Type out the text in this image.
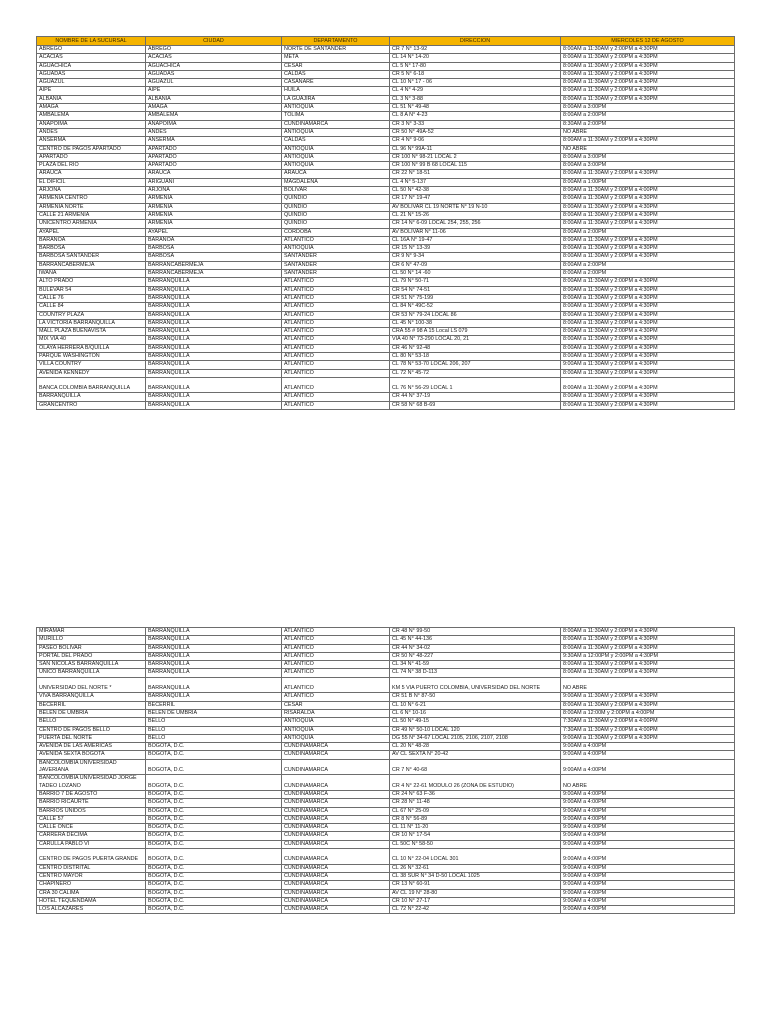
NOMBRE DE LA SUCURSAL	CIUDAD	DEPARTAMENTO	DIRECCION	MIERCOLES 12 DE AGOSTO
ABREGO	ABREGO	NORTE DE SANTANDER	CR 7 N° 13-92	8:00AM a 11:30AM y 2:00PM a 4:30PM
ACACIAS	ACACIAS	META	CL 14 N° 14-20	8:00AM a 11:30AM y 2:00PM a 4:30PM
AGUACHICA	AGUACHICA	CESAR	CL 5 N° 17-80	8:00AM a 11:30AM y 2:00PM a 4:30PM
AGUADAS	AGUADAS	CALDAS	CR 5 N° 6-18	8:00AM a 11:30AM y 2:00PM a 4:30PM
AGUAZUL	AGUAZUL	CASANARE	CL 10 N° 17 - 06	8:00AM a 11:30AM y 2:00PM a 4:30PM
AIPE	AIPE	HUILA	CL 4 N° 4-29	8:00AM a 11:30AM y 2:00PM a 4:30PM
ALBANIA	ALBANIA	LA GUAJIRA	CL 3 N° 3-88	8:00AM a 11:30AM y 2:00PM a 4:30PM
AMAGA	AMAGÁ	ANTIOQUIA	CL 51 N° 49-48	8:00AM a 3:00PM
AMBALEMA	AMBALEMA	TOLIMA	CL 8 A N° 4-23	8:00AM a 2:00PM
ANAPOIMA	ANAPOIMA	CUNDINAMARCA	CR 3 N° 3-33	8:30AM a 2:00PM
ANDES	ANDES	ANTIOQUIA	CR 50 N° 49A-52	NO ABRE
ANSERMA	ANSERMA	CALDAS	CR 4 N° 9-06	8:00AM a 11:30AM y 2:00PM a 4:30PM
CENTRO DE PAGOS APARTADO	APARTADO	ANTIOQUIA	CL 96 N° 99A-11	NO ABRE
APARTADO	APARTADO	ANTIOQUIA	CR 100 N° 98-21 LOCAL 2	8:00AM a 3:00PM
PLAZA DEL RIO	APARTADO	ANTIOQUIA	CR 100 N° 99 B 68 LOCAL 115	8:00AM a 3:00PM
ARAUCA	ARAUCA	ARAUCA	CR 22 N° 18-51	8:00AM a 11:30AM y 2:00PM a 4:30PM
EL DIFICIL	ARIGUANI	MAGDALENA	CL 4 N° 5-137	8:00AM a 1:00PM
ARJONA	ARJONA	BOLIVAR	CL 50 N° 42-38	8:00AM a 11:30AM y 2:00PM a 4:00PM
ARMENIA CENTRO	ARMENIA	QUINDIO	CR 17 N° 19-47	8:00AM a 11:30AM y 2:00PM a 4:30PM
ARMENIA NORTE	ARMENIA	QUINDIO	AV BOLIVAR CL 19 NORTE N° 19 N-10	8:00AM a 11:30AM y 2:00PM a 4:30PM
CALLE 21 ARMENIA	ARMENIA	QUINDIO	CL 21 N° 15-26	8:00AM a 11:30AM y 2:00PM a 4:30PM
UNICENTRO ARMENIA	ARMENIA	QUINDIO	CR 14 N° 6-09 LOCAL 254, 255, 256	8:00AM a 11:30AM y 2:00PM a 4:30PM
AYAPEL	AYAPEL	CORDOBA	AV BOLIVAR N° 11-06	8:00AM a 2:00PM
BARANOA	BARANOA	ATLANTICO	CL 16A N° 19-47	8:00AM a 11:30AM y 2:00PM a 4:30PM
BARBOSA	BARBOSA	ANTIOQUIA	CR 15 N° 13-39	8:00AM a 11:30AM y 2:00PM a 4:30PM
BARBOSA SANTANDER	BARBOSA	SANTANDER	CR 9 N° 9-34	8:00AM a 11:30AM y 2:00PM a 4:30PM
BARRANCABERMEJA	BARRANCABERMEJA	SANTANDER	CR 6 N° 47-09	8:00AM a 2:00PM
IWANÁ	BARRANCABERMEJA	SANTANDER	CL 50 N° 14 -60	8:00AM a 2:00PM
ALTO PRADO	BARRANQUILLA	ATLANTICO	CL 79 N° 50-71	8:00AM a 11:30AM y 2:00PM a 4:30PM
BULEVAR 54	BARRANQUILLA	ATLANTICO	CR 54 N° 74-51	8:00AM a 11:30AM y 2:00PM a 4:30PM
CALLE 76	BARRANQUILLA	ATLANTICO	CR 51 N° 75-199	8:00AM a 11:30AM y 2:00PM a 4:30PM
CALLE 84	BARRANQUILLA	ATLANTICO	CL 84 N° 49C-52	8:00AM a 11:30AM y 2:00PM a 4:30PM
COUNTRY PLAZA	BARRANQUILLA	ATLANTICO	CR 53 N° 79-24 LOCAL 86	8:00AM a 11:30AM y 2:00PM a 4:30PM
LA VICTORIA BARRANQUILLA	BARRANQUILLA	ATLANTICO	CL 45 N° 100-38	8:00AM a 11:30AM y 2:00PM a 4:30PM
MALL PLAZA BUENAVISTA	BARRANQUILLA	ATLANTICO	CRA 55 # 98 A 15 Local LS 079	8:00AM a 11:30AM y 2:00PM a 4:30PM
MIX VIA 40	BARRANQUILLA	ATLANTICO	VIA 40 N° 73-290 LOCAL 20, 21	8:00AM a 11:30AM y 2:00PM a 4:30PM
OLAYA HERRERA B/QUILLA	BARRANQUILLA	ATLANTICO	CR 46 N° 92-48	8:00AM a 11:30AM y 2:00PM a 4:30PM
PARQUE WASHINGTON	BARRANQUILLA	ATLANTICO	CL 80 N° 53-18	8:00AM a 11:30AM y 2:00PM a 4:30PM
VILLA COUNTRY	BARRANQUILLA	ATLANTICO	CL 78 N° 53-70 LOCAL 206, 207	9:00AM a 11:30AM y 2:00PM a 4:30PM
AVENIDA KENNEDY	BARRANQUILLA	ATLANTICO	CL 72 N° 45-72	8:00AM a 11:30AM y 2:00PM a 4:30PM
BANCA COLOMBIA BARRANQUILLA	BARRANQUILLA	ATLANTICO	CL 76 N° 56-29 LOCAL 1	8:00AM a 11:30AM y 2:00PM a 4:30PM
BARRANQUILLA	BARRANQUILLA	ATLANTICO	CR 44 N° 37-19	8:00AM a 11:30AM y 2:00PM a 4:30PM
GRANCENTRO	BARRANQUILLA	ATLANTICO	CR 58 N° 68 B-69	8:00AM a 11:30AM y 2:00PM a 4:30PM
MIRAMAR	BARRANQUILLA	ATLANTICO	CR 48 N° 99-50	8:00AM a 11:30AM y 2:00PM a 4:30PM
MURILLO	BARRANQUILLA	ATLANTICO	CL 45 N° 44-136	8:00AM a 11:30AM y 2:00PM a 4:30PM
PASEO BOLIVAR	BARRANQUILLA	ATLANTICO	CR 44 N° 34-02	8:00AM a 11:30AM y 2:00PM a 4:30PM
PORTAL DEL PRADO	BARRANQUILLA	ATLANTICO	CR 50 N° 48-227	9:30AM a 12:00PM y 2:00PM a 4:30PM
SAN NICOLAS BARRANQUILLA	BARRANQUILLA	ATLANTICO	CL 34 N° 41-59	8:00AM a 11:30AM y 2:00PM a 4:30PM
UNICO BARRANQUILLA	BARRANQUILLA	ATLANTICO	CL 74 N° 38 D-113	8:00AM a 11:30AM y 2:00PM a 4:30PM
UNIVERSIDAD DEL NORTE *	BARRANQUILLA	ATLANTICO	KM 5 VIA PUERTO COLOMBIA, UNIVERSIDAD DEL NORTE	NO ABRE
VIVA BARRANQUILLA	BARRANQUILLA	ATLANTICO	CR 51 B N° 87-50	9:00AM a 11:30AM y 2:00PM a 4:30PM
BECERRIL	BECERRIL	CESAR	CL 10 N° 6-21	8:00AM a 11:30AM y 2:00PM a 4:30PM
BELEN DE UMBRIA	BELEN DE UMBRIA	RISARALDA	CL 6 N° 10-16	8:00AM a 12:00M y 2:00PM a 4:00PM
BELLO	BELLO	ANTIOQUIA	CL 50 N° 49-15	7:30AM a 11:30AM y 2:00PM a 4:00PM
CENTRO DE PAGOS BELLO	BELLO	ANTIOQUIA	CR 49 N° 50-10 LOCAL 120	7:30AM a 11:30AM y 2:00PM a 4:00PM
PUERTA DEL NORTE	BELLO	ANTIOQUIA	DG 55 N° 34-67 LOCAL 2105, 2106, 2107, 2108	9:00AM a 11:30AM y 2:00PM a 4:30PM
AVENIDA DE LAS AMERICAS	BOGOTA, D.C.	CUNDINAMARCA	CL 20 N° 48-28	9:00AM a 4:00PM
AVENIDA SEXTA BOGOTA	BOGOTA, D.C.	CUNDINAMARCA	AV CL SEXTA N° 20-42	9:00AM a 4:00PM
BANCOLOMBIA UNIVERSIDAD JAVERIANA	BOGOTA, D.C.	CUNDINAMARCA	CR 7 N° 40-68	9:00AM a 4:00PM
BANCOLOMBIA UNIVERSIDAD JORGE TADEO LOZANO	BOGOTA, D.C.	CUNDINAMARCA	CR 4 N° 22-61 MODULO 26 (ZONA DE ESTUDIO)	NO ABRE
BARRIO 7 DE AGOSTO	BOGOTA, D.C.	CUNDINAMARCA	CR 24 N° 63 F-36	9:00AM a 4:00PM
BARRIO RICAURTE	BOGOTA, D.C.	CUNDINAMARCA	CR 28 N° 11-48	9:00AM a 4:00PM
BARRIOS UNIDOS	BOGOTA, D.C.	CUNDINAMARCA	CL 67 N° 25-09	9:00AM a 4:00PM
CALLE 57	BOGOTA, D.C.	CUNDINAMARCA	CR 8 N° 56-89	9:00AM a 4:00PM
CALLE ONCE	BOGOTA, D.C.	CUNDINAMARCA	CL 11 N° 11-20	9:00AM a 4:00PM
CARRERA DECIMA	BOGOTA, D.C.	CUNDINAMARCA	CR 10 N° 17-54	9:00AM a 4:00PM
CARULLA PABLO VI	BOGOTA, D.C.	CUNDINAMARCA	CL 50C N° 58-50	9:00AM a 4:00PM
CENTRO DE PAGOS PUERTA GRANDE	BOGOTA, D.C.	CUNDINAMARCA	CL 10 N° 22-04 LOCAL 301	9:00AM a 4:00PM
CENTRO DISTRITAL	BOGOTA, D.C.	CUNDINAMARCA	CL 26 N° 32-61	9:00AM a 4:00PM
CENTRO MAYOR	BOGOTA, D.C.	CUNDINAMARCA	CL 38 SUR N° 34 D-50 LOCAL 1025	9:00AM a 4:00PM
CHAPINERO	BOGOTA, D.C.	CUNDINAMARCA	CR 13 N° 60-91	9:00AM a 4:00PM
CRA 30 CALIMA	BOGOTA, D.C.	CUNDINAMARCA	AV CL 19 N° 28-80	9:00AM a 4:00PM
HOTEL TEQUENDAMA	BOGOTA, D.C.	CUNDINAMARCA	CR 10 N° 27-17	9:00AM a 4:00PM
LOS ALCAZARES	BOGOTA, D.C.	CUNDINAMARCA	CL 72 N° 22-42	9:00AM a 4:00PM
